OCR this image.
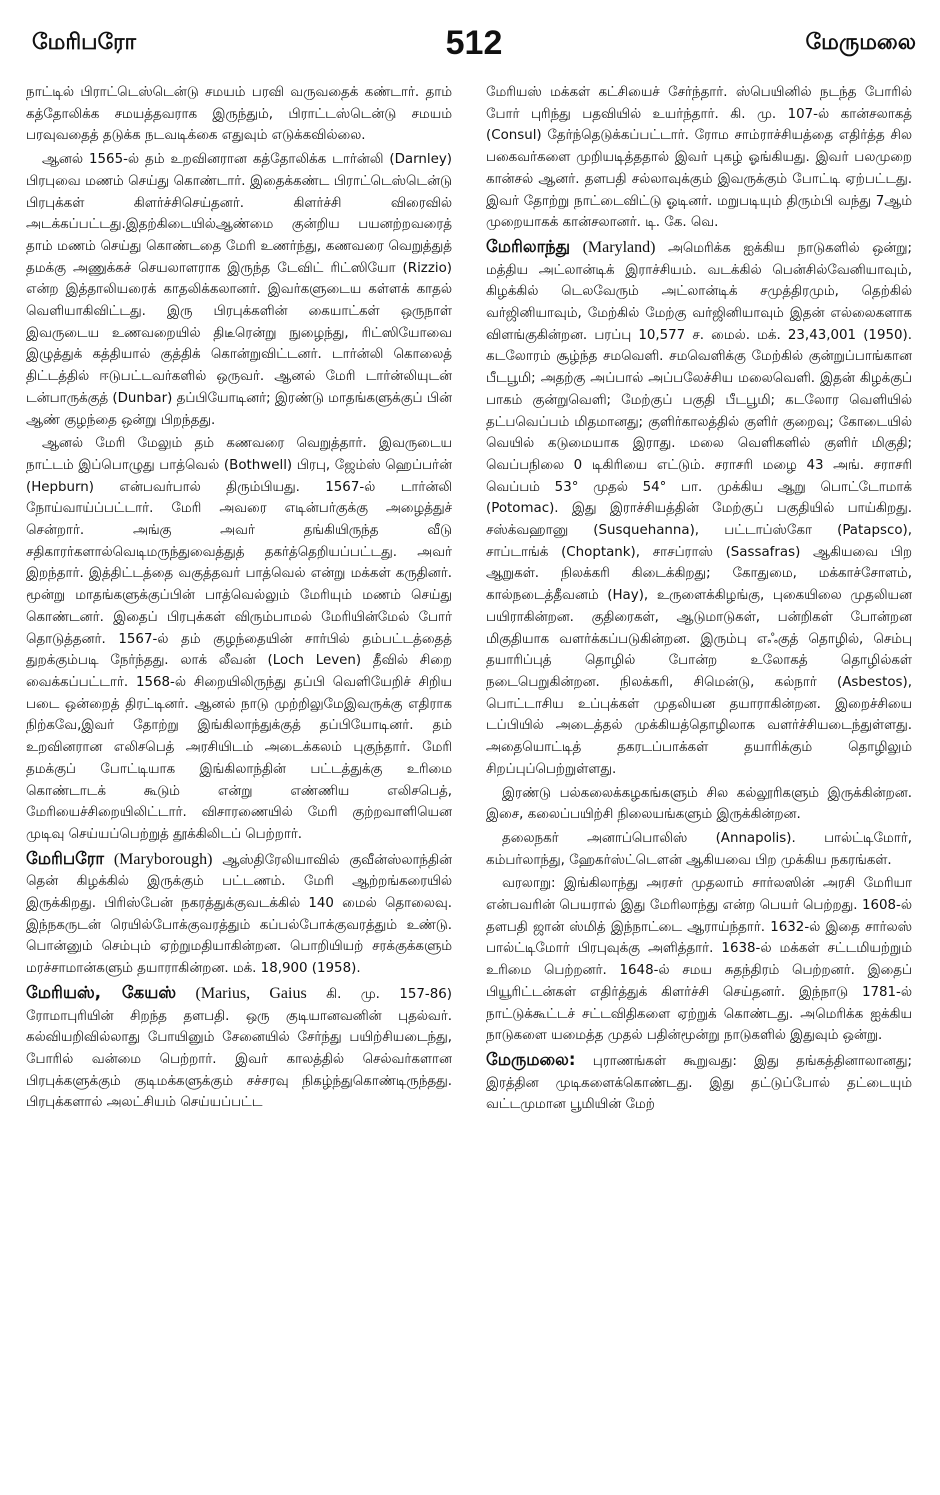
மேரிபரோ	512	மேருமலை

நாட்டில் பிராட்டெஸ்டென்டு சமயம் பரவி வருவதைக் கண்டார். தாம் கத்தோலிக்க சமயத்தவராக இருந்தும், பிராட்டஸ்டென்டு சமயம் பரவுவதைத் தடுக்க நடவடிக்கை எதுவும் எடுக்கவில்லை.

ஆனல் 1565-ல் தம் உறவினரான கத்தோலிக்க டார்ன்லி (Darnley) பிரபுவை மணம் செய்து கொண்டார். இதைக்கண்ட பிராட்டெஸ்டென்டு பிரபுக்கள் கிளர்ச்சிசெய்தனர். கிளர்ச்சி விரைவில் அடக்கப்பட்டது.இதற்கிடையில்ஆண்மை குன்றிய பயனற்றவரைத் தாம் மணம் செய்து கொண்டதை மேரி உணர்ந்து, கணவரை வெறுத்துத் தமக்கு அணுக்கச் செயலாளராக இருந்த டேவிட் ரிட்ஸியோ (Rizzio) என்ற இத்தாலியரைக் காதலிக்கலானர். இவர்களுடைய கள்ளக் காதல் வெளியாகிவிட்டது. இரு பிரபுக்களின் கையாட்கள் ஒருநாள் இவருடைய உணவறையில் திடீரென்று நுழைந்து, ரிட்ஸியோவை இழுத்துக் கத்தியால் குத்திக் கொன்றுவிட்டனர். டார்ன்லி கொலைத் திட்டத்தில் ஈடுபட்டவர்களில் ஒருவர். ஆனல் மேரி டார்ன்லியுடன் டன்பாருக்குத் (Dunbar) தப்பியோடினர்; இரண்டு மாதங்களுக்குப் பின் ஆண் குழந்தை ஒன்று பிறந்தது.

ஆனல் மேரி மேலும் தம் கணவரை வெறுத்தார். இவருடைய நாட்டம் இப்பொழுது பாத்வெல் (Bothwell) பிரபு, ஜேம்ஸ் ஹெப்பர்ன் (Hepburn) என்பவர்பால் திரும்பியது. 1567-ல் டார்ன்லி நோய்வாய்ப்பட்டார். மேரி அவரை எடின்பர்குக்கு அழைத்துச் சென்றார். அங்கு அவர் தங்கியிருந்த வீடு சதிகாரர்களால்வெடிமருந்துவைத்துத் தகர்த்தெறியப்பட்டது. அவர் இறந்தார். இத்திட்டத்தை வகுத்தவர் பாத்வெல் என்று மக்கள் கருதினர். மூன்று மாதங்களுக்குப்பின் பாத்வெல்லும் மேரியும் மணம் செய்து கொண்டனர். இதைப் பிரபுக்கள் விரும்பாமல் மேரியின்மேல் போர் தொடுத்தனர். 1567-ல் தம் குழந்தையின் சார்பில் தம்பட்டத்தைத் துறக்கும்படி நேர்ந்தது. லாக் லீவன் (Loch Leven) தீவில் சிறை வைக்கப்பட்டார். 1568-ல் சிறையிலிருந்து தப்பி வெளியேறிச் சிறிய படை ஒன்றைத் திரட்டினர். ஆனல் நாடு முற்றிலுமேஇவருக்கு எதிராக நிற்கவே,இவர் தோற்று இங்கிலாந்துக்குத் தப்பியோடினர். தம் உறவினரான எலிசபெத் அரசியிடம் அடைக்கலம் புகுந்தார். மேரி தமக்குப் போட்டியாக இங்கிலாந்தின் பட்டத்துக்கு உரிமை கொண்டாடக் கூடும் என்று எண்ணிய எலிசபெத், மேரியைச்சிறையிலிட்டார். விசாரணையில் மேரி குற்றவாளியென முடிவு செய்யப்பெற்றுத் தூக்கிலிடப் பெற்றார்.

மேரிபரோ (Maryborough) ஆஸ்திரேலியாவில் குவீன்ஸ்லாந்தின் தென் கிழக்கில் இருக்கும் பட்டணம். மேரி ஆற்றங்கரையில் இருக்கிறது. பிரிஸ்பேன் நகரத்துக்குவடக்கில் 140 மைல் தொலைவு. இந்நகருடன் ரெயில்போக்குவரத்தும் கப்பல்போக்குவரத்தும் உண்டு. பொன்னும் செம்பும் ஏற்றுமதியாகின்றன. பொறியியற் சரக்குக்களும் மரச்சாமான்களும் தயாராகின்றன. மக். 18,900 (1958).

மேரியஸ், கேயஸ் (Marius, Gaius கி. மு. 157-86) ரோமாபுரியின் சிறந்த தளபதி. ஒரு குடியானவனின் புதல்வர். கல்வியறிவில்லாது போயினும் சேனையில் சேர்ந்து பயிற்சியடைந்து, போரில் வன்மை பெற்றார். இவர் காலத்தில் செல்வர்களான பிரபுக்களுக்கும் குடிமக்களுக்கும் சச்சரவு நிகழ்ந்துகொண்டிருந்தது. பிரபுக்களால் அலட்சியம் செய்யப்பட்ட

மேரியஸ் மக்கள் கட்சியைச் சேர்ந்தார். ஸ்பெயினில் நடந்த போரில் போர் புரிந்து பதவியில் உயர்ந்தார். கி. மு. 107-ல் கான்சலாகத் (Consul) தேர்ந்தெடுக்கப்பட்டார். ரோம சாம்ராச்சியத்தை எதிர்த்த சில பகைவர்களை முறியடித்ததால் இவர் புகழ் ஓங்கியது. இவர் பலமுறை கான்சல் ஆனர். தளபதி சல்லாவுக்கும் இவருக்கும் போட்டி ஏற்பட்டது. இவர் தோற்று நாட்டைவிட்டு ஓடினர். மறுபடியும் திரும்பி வந்து 7ஆம் முறையாகக் கான்சலானர். டி. கே. வெ.

மேரிலாந்து (Maryland) அமெரிக்க ஐக்கிய நாடுகளில் ஒன்று; மத்திய அட்லான்டிக் இராச்சியம். வடக்கில் பென்சில்வேனியாவும், கிழக்கில் டெலவேரும் அட்லான்டிக் சமுத்திரமும், தெற்கில் வர்ஜினியாவும், மேற்கில் மேற்கு வர்ஜினியாவும் இதன் எல்லைகளாக விளங்குகின்றன. பரப்பு 10,577 ச. மைல். மக். 23,43,001 (1950). கடலோரம் சூழ்ந்த சமவெளி. சமவெளிக்கு மேற்கில் குன்றுப்பாங்கான பீடபூமி; அதற்கு அப்பால் அப்பலேச்சிய மலைவெளி. இதன் கிழக்குப் பாகம் குன்றுவெளி; மேற்குப் பகுதி பீடபூமி; கடலோர வெளியில் தட்பவெப்பம் மிதமானது; குளிர்காலத்தில் குளிர் குறைவு; கோடையில் வெயில் கடுமையாக இராது. மலை வெளிகளில் குளிர் மிகுதி; வெப்பநிலை 0 டிகிரியை எட்டும். சராசரி மழை 43 அங். சராசரி வெப்பம் 53° முதல் 54° பா. முக்கிய ஆறு பொட்டோமாக் (Potomac). இது இராச்சியத்தின் மேற்குப் பகுதியில் பாய்கிறது. சஸ்க்வஹானு (Susquehanna), பட்டாப்ஸ்கோ (Patapsco), சாப்டாங்க் (Choptank), சாசப்ராஸ் (Sassafras) ஆகியவை பிற ஆறுகள். நிலக்கரி கிடைக்கிறது; கோதுமை, மக்காச்சோளம், கால்நடைத்தீவனம் (Hay), உருளைக்கிழங்கு, புகையிலை முதலியன பயிராகின்றன. குதிரைகள், ஆடுமாடுகள், பன்றிகள் போன்றன மிகுதியாக வளர்க்கப்படுகின்றன. இரும்பு எஃகுத் தொழில், செம்பு தயாரிப்புத் தொழில் போன்ற உலோகத் தொழில்கள் நடைபெறுகின்றன. நிலக்கரி, சிமென்டு, கல்நார் (Asbestos), பொட்டாசிய உப்புக்கள் முதலியன தயாராகின்றன. இறைச்சியை டப்பியில் அடைத்தல் முக்கியத்தொழிலாக வளர்ச்சியடைந்துள்ளது. அதையொட்டித் தகரடப்பாக்கள் தயாரிக்கும் தொழிலும் சிறப்புப்பெற்றுள்ளது.

இரண்டு பல்கலைக்கழகங்களும் சில கல்லூரிகளும் இருக்கின்றன. இசை, கலைப்பயிற்சி நிலையங்களும் இருக்கின்றன.

தலைநகர் அனாப்பொலிஸ் (Annapolis). பால்ட்டிமோர், கம்பர்லாந்து, ஹேகர்ஸ்ட்டௌன் ஆகியவை பிற முக்கிய நகரங்கள்.

வரலாறு: இங்கிலாந்து அரசர் முதலாம் சார்லஸின் அரசி மேரியா என்பவரின் பெயரால் இது மேரிலாந்து என்ற பெயர் பெற்றது. 1608-ல் தளபதி ஜான் ஸ்மித் இந்நாட்டை ஆராய்ந்தார். 1632-ல் இதை சார்லஸ் பால்ட்டிமோர் பிரபுவுக்கு அளித்தார். 1638-ல் மக்கள் சட்டமியற்றும் உரிமை பெற்றனர். 1648-ல் சமய சுதந்திரம் பெற்றனர். இதைப் பியூரிட்டன்கள் எதிர்த்துக் கிளர்ச்சி செய்தனர். இந்நாடு 1781-ல் நாட்டுக்கூட்டச் சட்டவிதிகளை ஏற்றுக் கொண்டது. அமெரிக்க ஐக்கிய நாடுகளை யமைத்த முதல் பதின்மூன்று நாடுகளில் இதுவும் ஒன்று.

மேருமலை: புராணங்கள் கூறுவது: இது தங்கத்தினாலானது; இரத்தின முடிகளைக்கொண்டது. இது தட்டுப்போல் தட்டையும் வட்டமுமான பூமியின் மேற்
